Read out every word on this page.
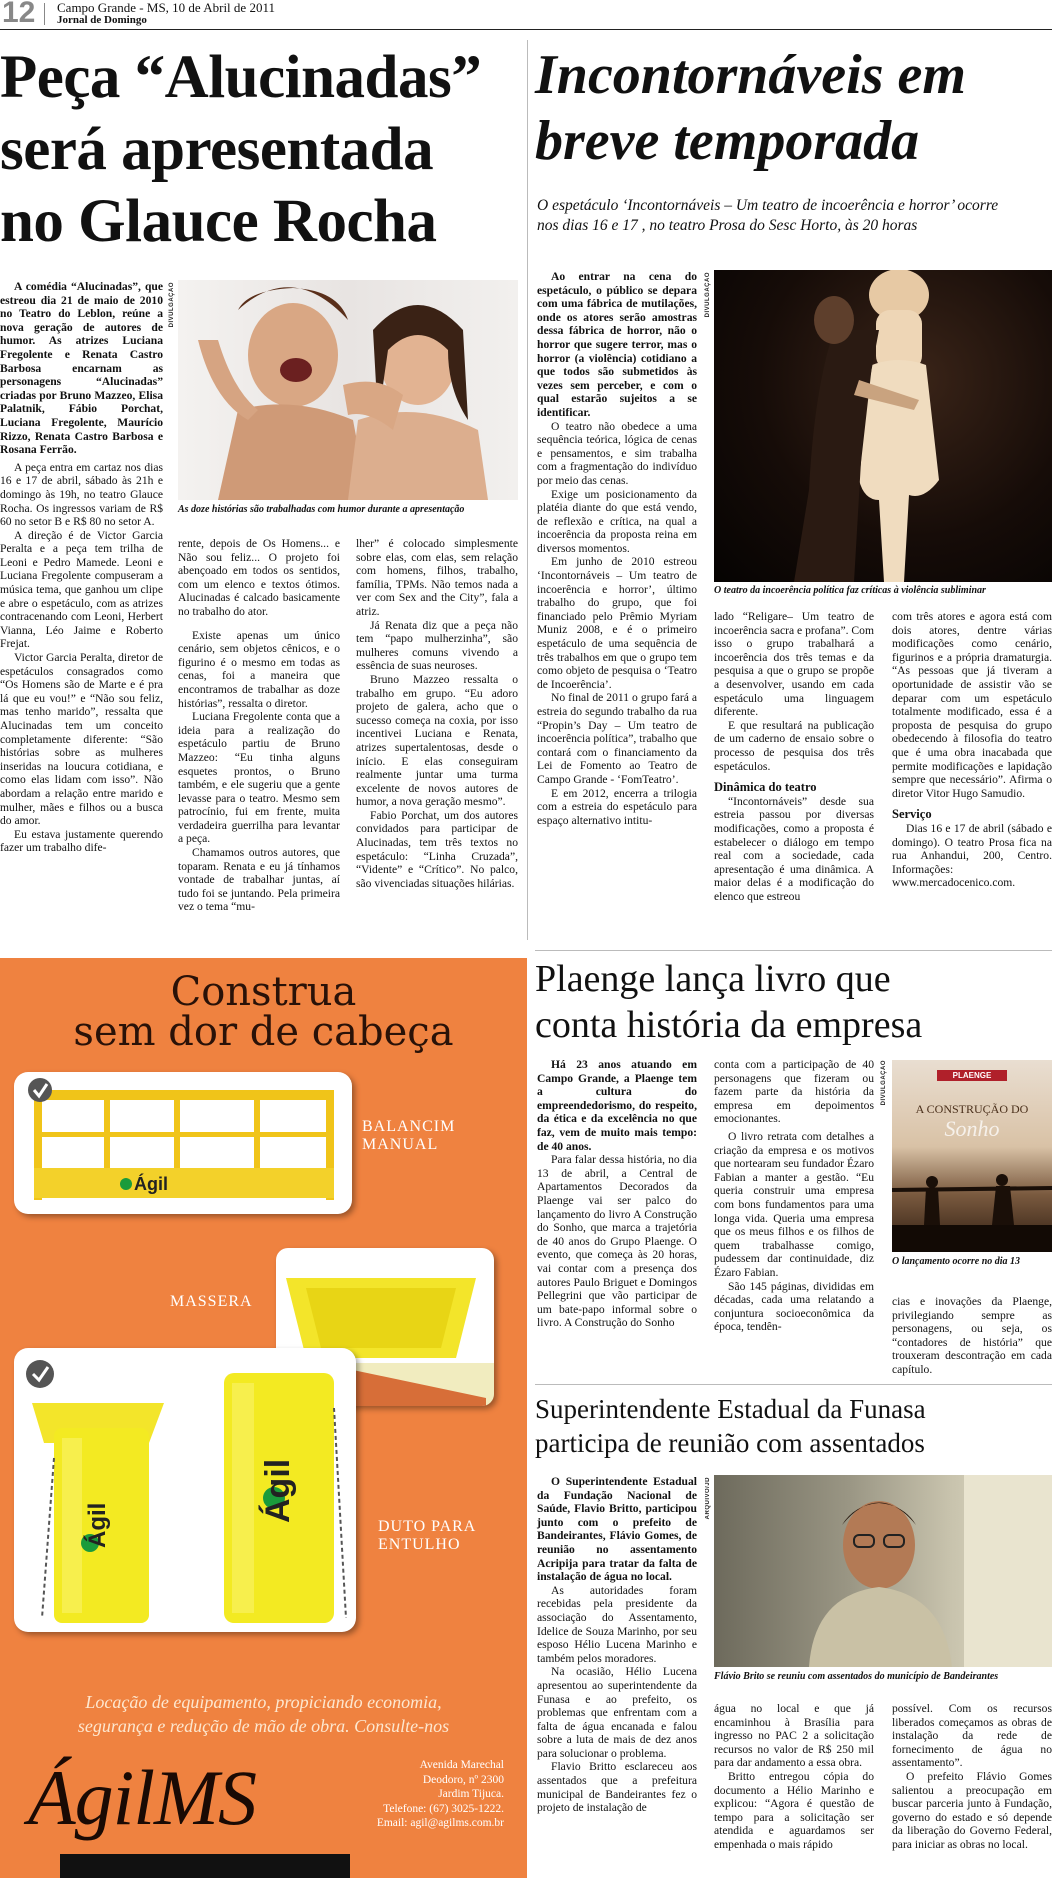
12 Campo Grande - MS, 10 de Abril de 2011
Jornal de Domingo
Peça “Alucinadas”
será apresentada
no Glauce Rocha

A comédia “Alucinadas”, que estreou dia 21 de maio de 2010 no Teatro do Leblon, reúne a nova geração de autores de humor. As atrizes Luciana Fregolente e Renata Castro Barbosa encarnam as personagens “Alucinadas” criadas por Bruno Mazzeo, Elisa Palatnik, Fábio Porchat, Luciana Fregolente, Maurício Rizzo, Renata Castro Barbosa e Rosana Ferrão.

A peça entra em cartaz nos dias 16 e 17 de abril, sábado às 21h e domingo às 19h, no teatro Glauce Rocha. Os ingressos variam de R$ 60 no setor B e R$ 80 no setor A.

A direção é de Victor Garcia Peralta e a peça tem trilha de Leoni e Pedro Mamede. Leoni e Luciana Fregolente compuseram a música tema, que ganhou um clipe e abre o espetáculo, com as atrizes contracenando com Leoni, Herbert Vianna, Léo Jaime e Roberto Frejat.

Victor Garcia Peralta, diretor de espetáculos consagrados como “Os Homens são de Marte e é pra lá que eu vou!” e “Não sou feliz, mas tenho marido”, ressalta que Alucinadas tem um conceito completamente diferente: “São histórias sobre as mulheres inseridas na loucura cotidiana, e como elas lidam com isso”. Não abordam a relação entre marido e mulher, mães e filhos ou a busca do amor.

Eu estava justamente querendo fazer um trabalho dife-

DIVULGAÇÃO
As doze histórias são trabalhadas com humor durante a apresentação

rente, depois de Os Homens... e Não sou feliz... O projeto foi abençoado em todos os sentidos, com um elenco e textos ótimos. Alucinadas é calcado basicamente no trabalho do ator.

Existe apenas um único cenário, sem objetos cênicos, e o figurino é o mesmo em todas as cenas, foi a maneira que encontramos de trabalhar as doze histórias”, ressalta o diretor.

Luciana Fregolente conta que a ideia para a realização do espetáculo partiu de Bruno Mazzeo: “Eu tinha alguns esquetes prontos, o Bruno também, e ele sugeriu que a gente levasse para o teatro. Mesmo sem patrocínio, fui em frente, muita verdadeira guerrilha para levantar a peça.

Chamamos outros autores, que toparam. Renata e eu já tínhamos vontade de trabalhar juntas, aí tudo foi se juntando. Pela primeira vez o tema “mu-

lher” é colocado simplesmente sobre elas, com elas, sem relação com homens, filhos, trabalho, família, TPMs. Não temos nada a ver com Sex and the City”, fala a atriz.

Já Renata diz que a peça não tem “papo mulherzinha”, são mulheres comuns vivendo a essência de suas neuroses.

Bruno Mazzeo ressalta o trabalho em grupo. “Eu adoro projeto de galera, acho que o sucesso começa na coxia, por isso incentivei Luciana e Renata, atrizes supertalentosas, desde o início. E elas conseguiram realmente juntar uma turma excelente de novos autores de humor, a nova geração mesmo”.

Fabio Porchat, um dos autores convidados para participar de Alucinadas, tem três textos no espetáculo: “Linha Cruzada”, “Vidente” e “Crítico”. No palco, são vivenciadas situações hilárias.

Incontornáveis em
breve temporada
O espetáculo ‘Incontornáveis – Um teatro de incoerência e horror’ ocorre nos dias 16 e 17 , no teatro Prosa do Sesc Horto, às 20 horas

Ao entrar na cena do espetáculo, o público se depara com uma fábrica de mutilações, onde os atores serão amostras dessa fábrica de horror, não o horror que sugere terror, mas o horror (a violência) cotidiano a que todos são submetidos às vezes sem perceber, e com o qual estarão sujeitos a se identificar.

O teatro não obedece a uma sequência teórica, lógica de cenas e pensamentos, e sim trabalha com a fragmentação do indivíduo por meio das cenas.

Exige um posicionamento da platéia diante do que está vendo, de reflexão e crítica, na qual a incoerência da proposta reina em diversos momentos.

Em junho de 2010 estreou ‘Incontornáveis – Um teatro de incoerência e horror’, último trabalho do grupo, que foi financiado pelo Prêmio Myriam Muniz 2008, e é o primeiro espetáculo de uma sequência de três trabalhos em que o grupo tem como objeto de pesquisa o ‘Teatro de Incoerência’.

No final de 2011 o grupo fará a estreia do segundo trabalho da rua “Propin’s Day – Um teatro de incoerência política”, trabalho que contará com o financiamento da Lei de Fomento ao Teatro de Campo Grande - ‘FomTeatro’.

E em 2012, encerra a trilogia com a estreia do espetáculo para espaço alternativo intitu-

DIVULGAÇÃO
O teatro da incoerência política faz críticas à violência subliminar

lado “Religare– Um teatro de incoerência sacra e profana”. Com isso o grupo trabalhará a incoerência dos três temas e da pesquisa a que o grupo se propõe a desenvolver, usando em cada espetáculo uma linguagem diferente.

E que resultará na publicação de um caderno de ensaio sobre o processo de pesquisa dos três espetáculos.

Dinâmica do teatro

“Incontornáveis” desde sua estreia passou por diversas modificações, como a proposta é estabelecer o diálogo em tempo real com a sociedade, cada apresentação é uma dinâmica. A maior delas é a modificação do elenco que estreou

com três atores e agora está com dois atores, dentre várias modificações como cenário, figurinos e a própria dramaturgia. “As pessoas que já tiveram a oportunidade de assistir vão se deparar com um espetáculo totalmente modificado, essa é a proposta de pesquisa do grupo obedecendo à filosofia do teatro que é uma obra inacabada que permite modificações e lapidação sempre que necessário”. Afirma o diretor Vitor Hugo Samudio.

Serviço

Dias 16 e 17 de abril (sábado e domingo). O teatro Prosa fica na rua Anhandui, 200, Centro. Informações: www.mercadocenico.com.

Construa
sem dor de cabeça
Ágil
BALANCIM MANUAL
MASSERA
Ágil
Ágil
DUTO PARA ENTULHO
Locação de equipamento, propiciando economia,
segurança e redução de mão de obra. Consulte-nos
ÁgilMS	Avenida Marechal
Deodoro, nº 2300
Jardim Tijuca.
Telefone: (67) 3025-1222.
Email: agil@agilms.com.br
Plaenge lança livro que
conta história da empresa

Há 23 anos atuando em Campo Grande, a Plaenge tem a cultura do empreendedorismo, do respeito, da ética e da excelência no que faz, vem de muito mais tempo: de 40 anos.

Para falar dessa história, no dia 13 de abril, a Central de Apartamentos Decorados da Plaenge vai ser palco do lançamento do livro A Construção do Sonho, que marca a trajetória de 40 anos do Grupo Plaenge. O evento, que começa às 20 horas, vai contar com a presença dos autores Paulo Briguet e Domingos Pellegrini que vão participar de um bate-papo informal sobre o livro. A Construção do Sonho

conta com a participação de 40 personagens que fizeram ou fazem parte da história da empresa em depoimentos emocionantes.

O livro retrata com detalhes a criação da empresa e os motivos que nortearam seu fundador Ézaro Fabian a manter a gestão. “Eu queria construir uma empresa com bons fundamentos para uma longa vida. Queria uma empresa que os meus filhos e os filhos de quem trabalhasse comigo, pudessem dar continuidade, diz Ézaro Fabian.

São 145 páginas, divididas em décadas, cada uma relatando a conjuntura socioeconômica da época, tendên-

DIVULGAÇÃO	PLAENGE
A CONSTRUÇÃO DO
Sonho
O lançamento ocorre no dia 13

cias e inovações da Plaenge, privilegiando sempre as personagens, ou seja, os “contadores de história” que trouxeram descontração em cada capítulo.

Superintendente Estadual da Funasa
participa de reunião com assentados

O Superintendente Estadual da Fundação Nacional de Saúde, Flavio Britto, participou junto com o prefeito de Bandeirantes, Flávio Gomes, de reunião no assentamento Acripija para tratar da falta de instalação de água no local.

As autoridades foram recebidas pela presidente da associação do Assentamento, Idelice de Souza Marinho, por seu esposo Hélio Lucena Marinho e também pelos moradores.

Na ocasião, Hélio Lucena apresentou ao superintendente da Funasa e ao prefeito, os problemas que enfrentam com a falta de água encanada e falou sobre a luta de mais de dez anos para solucionar o problema.

Flavio Britto esclareceu aos assentados que a prefeitura municipal de Bandeirantes fez o projeto de instalação de

ARQUIVO/JD
Flávio Brito se reuniu com assentados do município de Bandeirantes

água no local e que já encaminhou à Brasília para ingresso no PAC 2 a solicitação recursos no valor de R$ 250 mil para dar andamento a essa obra.

Britto entregou cópia do documento a Hélio Marinho e explicou: “Agora é questão de tempo para a solicitação ser atendida e aguardamos ser empenhada o mais rápido

possível. Com os recursos liberados começamos as obras de instalação da rede de fornecimento de água no assentamento”.

O prefeito Flávio Gomes salientou a preocupação em buscar parceria junto à Fundação, governo do estado e só depende da liberação do Governo Federal, para iniciar as obras no local.
